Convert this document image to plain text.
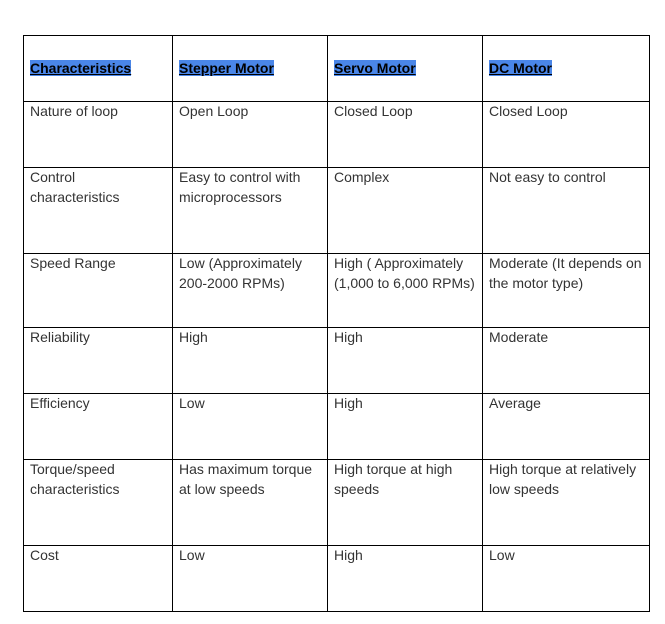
Characteristics	Stepper Motor	Servo Motor	DC Motor
Nature of loop	Open Loop	Closed Loop	Closed Loop
Control characteristics	Easy to control with microprocessors	Complex	Not easy to control
Speed Range	Low (Approximately 200-2000 RPMs)	High ( Approximately (1,000 to 6,000 RPMs)	Moderate (It depends on the motor type)
Reliability	High	High	Moderate
Efficiency	Low	High	Average
Torque/speed characteristics	Has maximum torque at low speeds	High torque at high speeds	High torque at relatively low speeds
Cost	Low	High	Low
